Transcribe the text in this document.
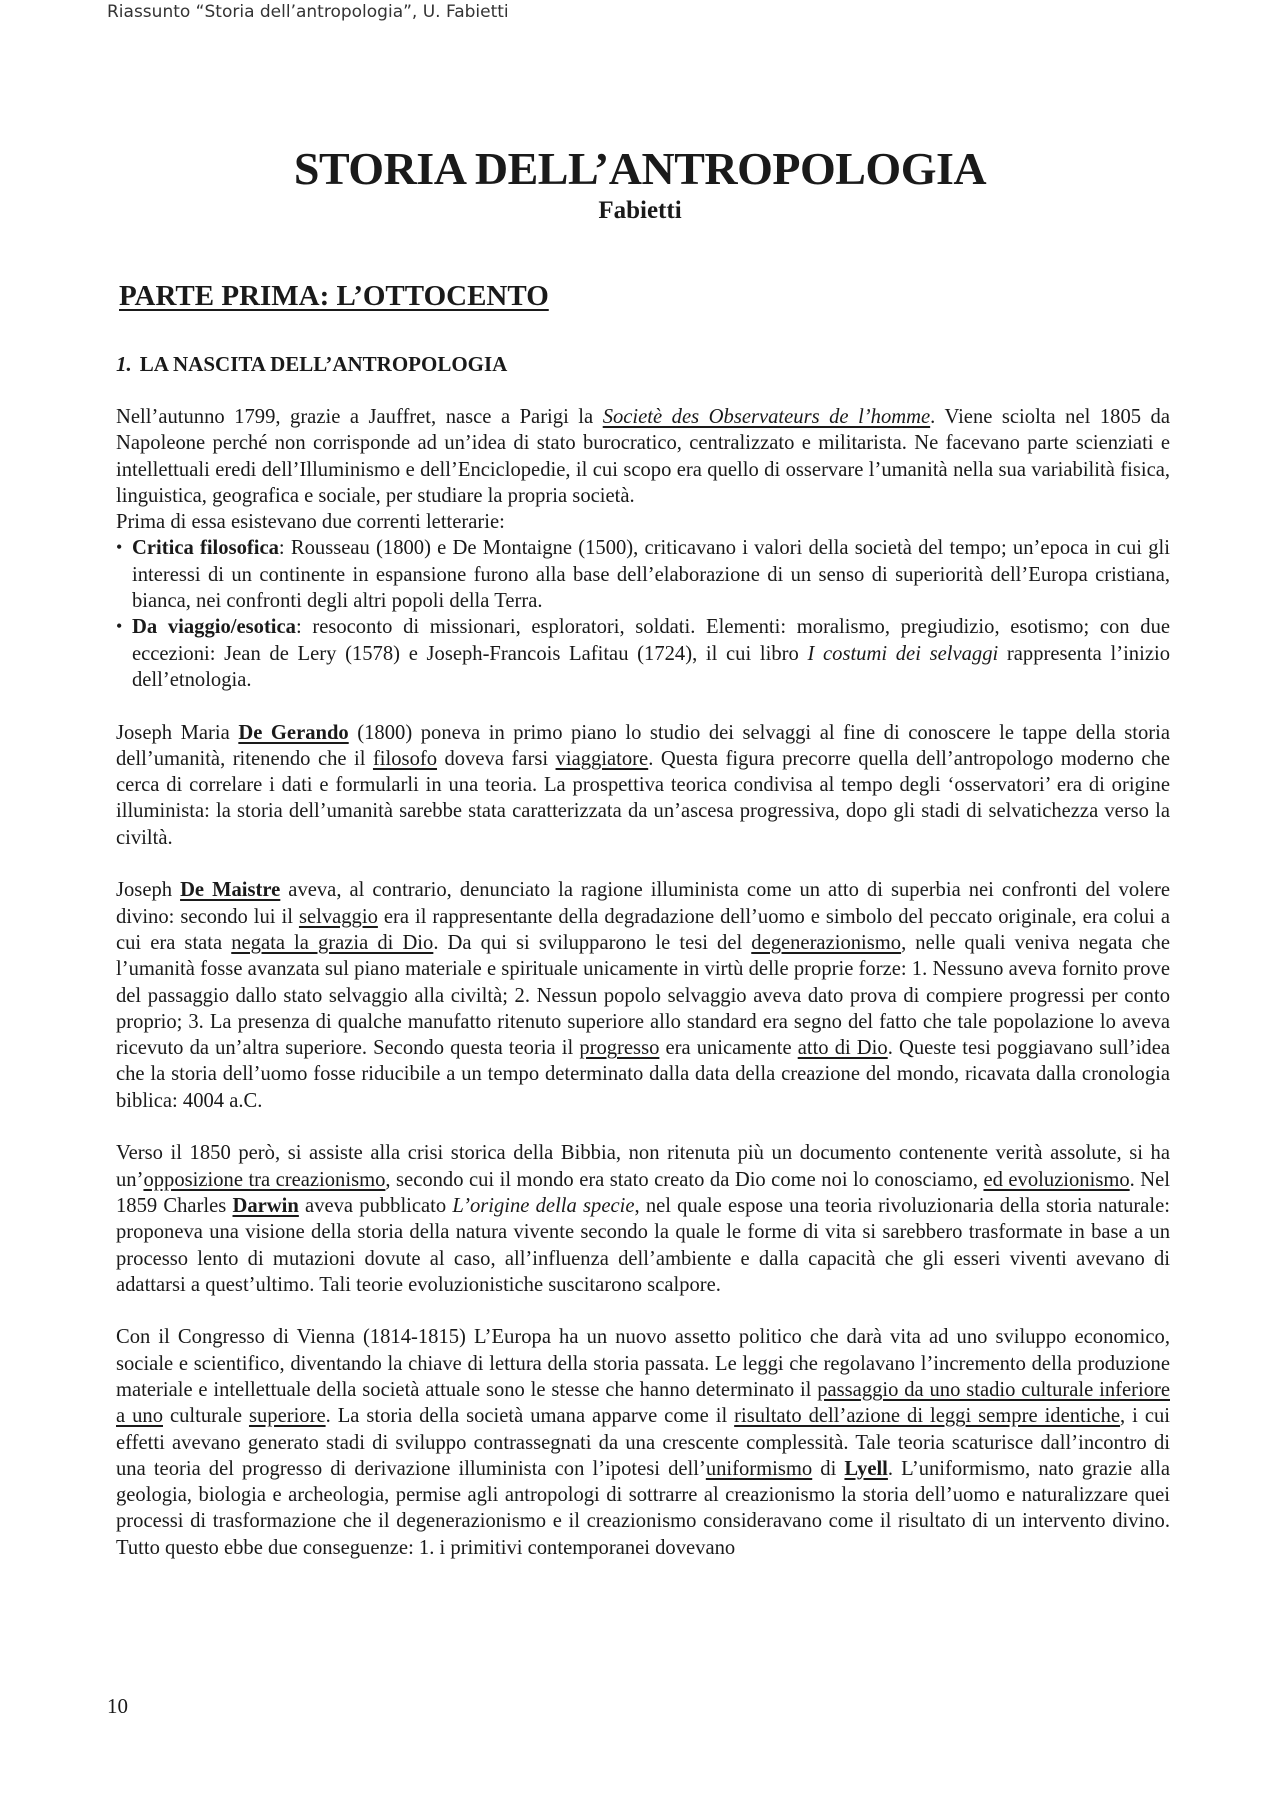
Riassunto “Storia dell’antropologia”, U. Fabietti
STORIA DELL’ANTROPOLOGIA
Fabietti
PARTE PRIMA: L’OTTOCENTO
1. LA NASCITA DELL’ANTROPOLOGIA

Nell’autunno 1799, grazie a Jauffret, nasce a Parigi la Societè des Observateurs de l’homme. Viene sciolta nel 1805 da Napoleone perché non corrisponde ad un’idea di stato burocratico, centralizzato e militarista. Ne facevano parte scienziati e intellettuali eredi dell’Illuminismo e dell’Enciclopedie, il cui scopo era quello di osservare l’umanità nella sua variabilità fisica, linguistica, geografica e sociale, per studiare la propria società.

Prima di essa esistevano due correnti letterarie:

• Critica filosofica: Rousseau (1800) e De Montaigne (1500), criticavano i valori della società del tempo; un’epoca in cui gli interessi di un continente in espansione furono alla base dell’elaborazione di un senso di superiorità dell’Europa cristiana, bianca, nei confronti degli altri popoli della Terra.
• Da viaggio/esotica: resoconto di missionari, esploratori, soldati. Elementi: moralismo, pregiudizio, esotismo; con due eccezioni: Jean de Lery (1578) e Joseph-Francois Lafitau (1724), il cui libro I costumi dei selvaggi rappresenta l’inizio dell’etnologia.

Joseph Maria De Gerando (1800) poneva in primo piano lo studio dei selvaggi al fine di conoscere le tappe della storia dell’umanità, ritenendo che il filosofo doveva farsi viaggiatore. Questa figura precorre quella dell’antropologo moderno che cerca di correlare i dati e formularli in una teoria. La prospettiva teorica condivisa al tempo degli ‘osservatori’ era di origine illuminista: la storia dell’umanità sarebbe stata caratterizzata da un’ascesa progressiva, dopo gli stadi di selvatichezza verso la civiltà.

Joseph De Maistre aveva, al contrario, denunciato la ragione illuminista come un atto di superbia nei confronti del volere divino: secondo lui il selvaggio era il rappresentante della degradazione dell’uomo e simbolo del peccato originale, era colui a cui era stata negata la grazia di Dio. Da qui si svilupparono le tesi del degenerazionismo, nelle quali veniva negata che l’umanità fosse avanzata sul piano materiale e spirituale unicamente in virtù delle proprie forze: 1. Nessuno aveva fornito prove del passaggio dallo stato selvaggio alla civiltà; 2. Nessun popolo selvaggio aveva dato prova di compiere progressi per conto proprio; 3. La presenza di qualche manufatto ritenuto superiore allo standard era segno del fatto che tale popolazione lo aveva ricevuto da un’altra superiore. Secondo questa teoria il progresso era unicamente atto di Dio. Queste tesi poggiavano sull’idea che la storia dell’uomo fosse riducibile a un tempo determinato dalla data della creazione del mondo, ricavata dalla cronologia biblica: 4004 a.C.

Verso il 1850 però, si assiste alla crisi storica della Bibbia, non ritenuta più un documento contenente verità assolute, si ha un’opposizione tra creazionismo, secondo cui il mondo era stato creato da Dio come noi lo conosciamo, ed evoluzionismo. Nel 1859 Charles Darwin aveva pubblicato L’origine della specie, nel quale espose una teoria rivoluzionaria della storia naturale: proponeva una visione della storia della natura vivente secondo la quale le forme di vita si sarebbero trasformate in base a un processo lento di mutazioni dovute al caso, all’influenza dell’ambiente e dalla capacità che gli esseri viventi avevano di adattarsi a quest’ultimo. Tali teorie evoluzionistiche suscitarono scalpore.

Con il Congresso di Vienna (1814-1815) L’Europa ha un nuovo assetto politico che darà vita ad uno sviluppo economico, sociale e scientifico, diventando la chiave di lettura della storia passata. Le leggi che regolavano l’incremento della produzione materiale e intellettuale della società attuale sono le stesse che hanno determinato il passaggio da uno stadio culturale inferiore a uno culturale superiore. La storia della società umana apparve come il risultato dell’azione di leggi sempre identiche, i cui effetti avevano generato stadi di sviluppo contrassegnati da una crescente complessità. Tale teoria scaturisce dall’incontro di una teoria del progresso di derivazione illuminista con l’ipotesi dell’uniformismo di Lyell. L’uniformismo, nato grazie alla geologia, biologia e archeologia, permise agli antropologi di sottrarre al creazionismo la storia dell’uomo e naturalizzare quei processi di trasformazione che il degenerazionismo e il creazionismo consideravano come il risultato di un intervento divino. Tutto questo ebbe due conseguenze: 1. i primitivi contemporanei dovevano

10
